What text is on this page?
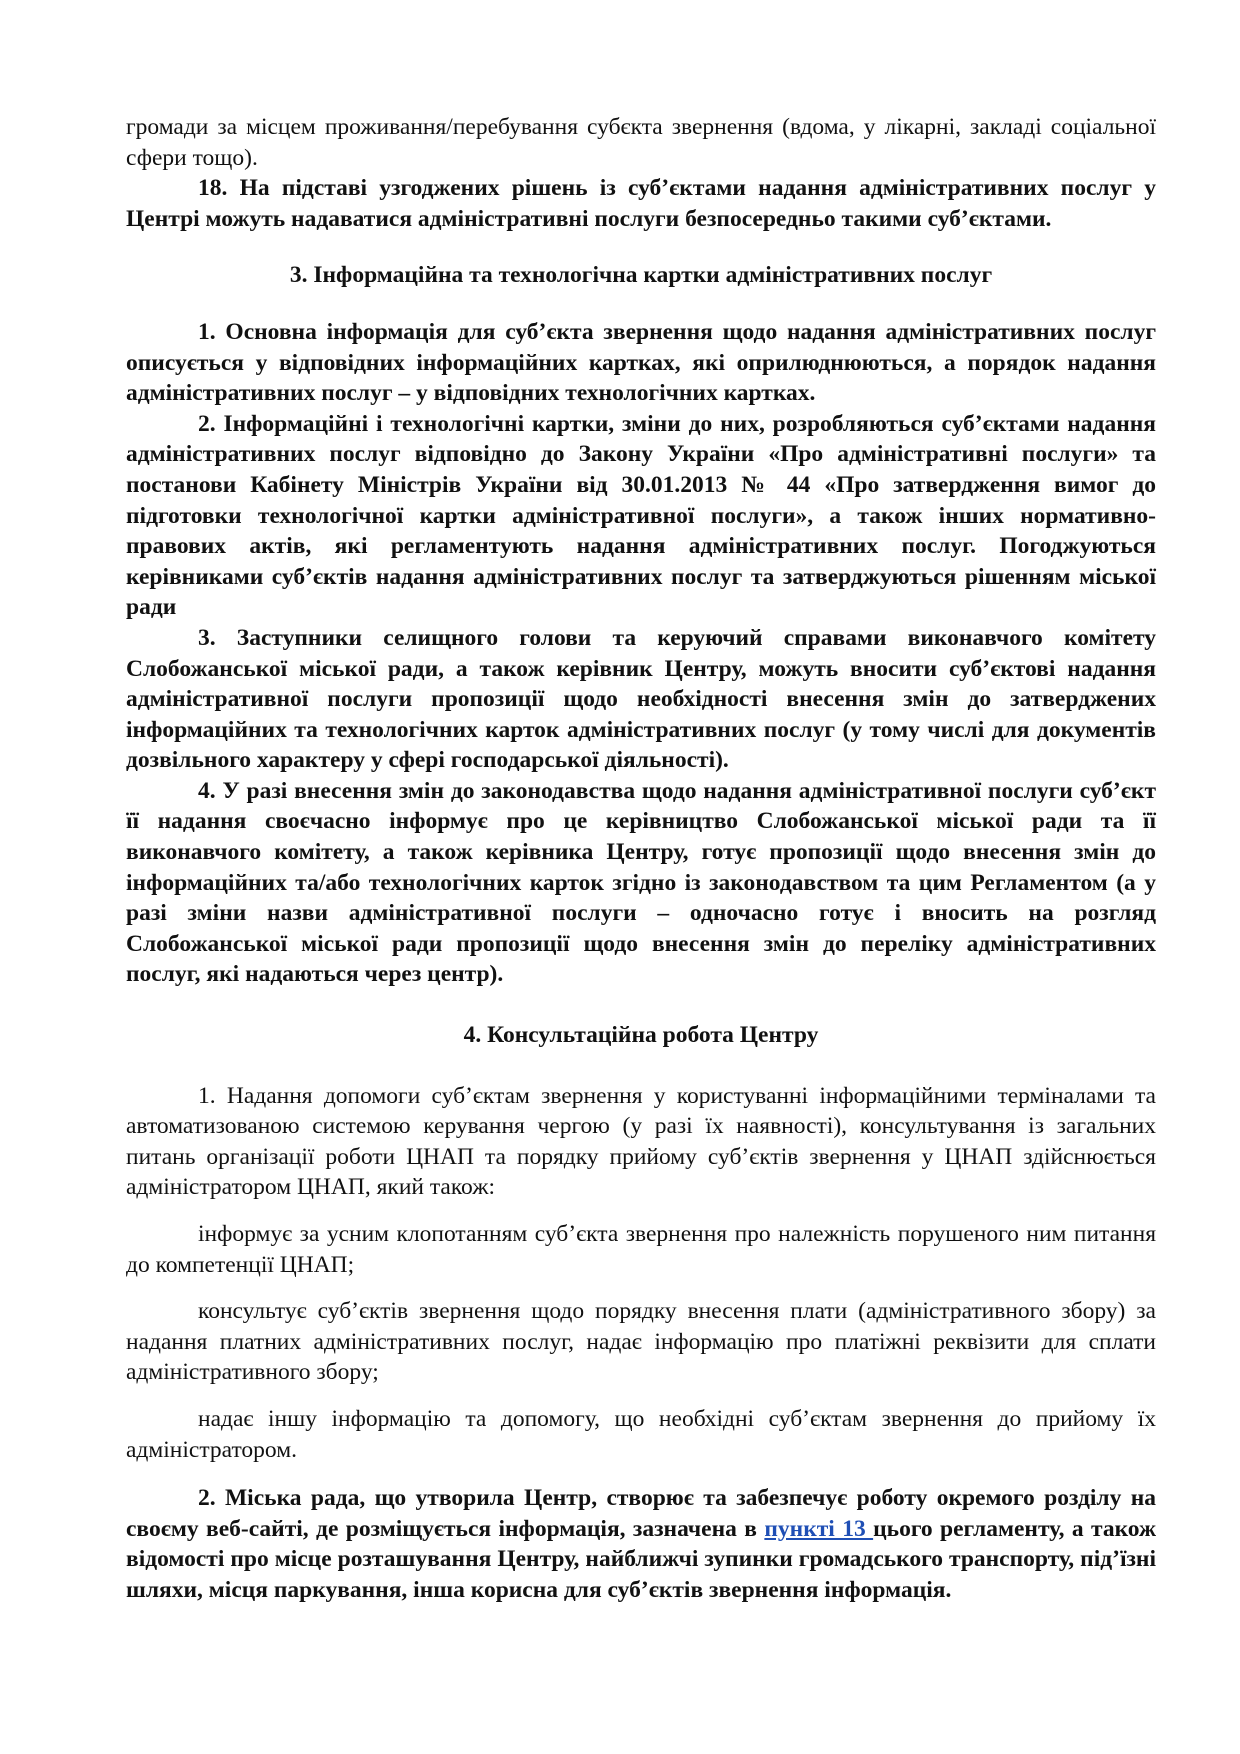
громади за місцем проживання/перебування субєкта звернення (вдома, у лікарні, закладі соціальної сфери тощо).

18. На підставі узгоджених рішень із суб’єктами надання адміністративних послуг у Центрі можуть надаватися адміністративні послуги безпосередньо такими суб’єктами.

3. Інформаційна та технологічна картки адміністративних послуг

1. Основна інформація для суб’єкта звернення щодо надання адміністративних послуг описується у відповідних інформаційних картках, які оприлюднюються, а порядок надання адміністративних послуг – у відповідних технологічних картках.

2. Інформаційні і технологічні картки, зміни до них, розробляються суб’єктами надання адміністративних послуг відповідно до Закону України «Про адміністративні послуги» та постанови Кабінету Міністрів України від 30.01.2013 № 44 «Про затвердження вимог до підготовки технологічної картки адміністративної послуги», а також інших нормативно-правових актів, які регламентують надання адміністративних послуг. Погоджуються керівниками суб’єктів надання адміністративних послуг та затверджуються рішенням міської ради

3. Заступники селищного голови та керуючий справами виконавчого комітету Слобожанської міської ради, а також керівник Центру, можуть вносити суб’єктові надання адміністративної послуги пропозиції щодо необхідності внесення змін до затверджених інформаційних та технологічних карток адміністративних послуг (у тому числі для документів дозвільного характеру у сфері господарської діяльності).

4. У разі внесення змін до законодавства щодо надання адміністративної послуги суб’єкт її надання своєчасно інформує про це керівництво Слобожанської міської ради та її виконавчого комітету, а також керівника Центру, готує пропозиції щодо внесення змін до інформаційних та/або технологічних карток згідно із законодавством та цим Регламентом (а у разі зміни назви адміністративної послуги – одночасно готує і вносить на розгляд Слобожанської міської ради пропозиції щодо внесення змін до переліку адміністративних послуг, які надаються через центр).

4. Консультаційна робота Центру

1. Надання допомоги суб’єктам звернення у користуванні інформаційними терміналами та автоматизованою системою керування чергою (у разі їх наявності), консультування із загальних питань організації роботи ЦНАП та порядку прийому суб’єктів звернення у ЦНАП здійснюється адміністратором ЦНАП, який також:

інформує за усним клопотанням суб’єкта звернення про належність порушеного ним питання до компетенції ЦНАП;

консультує суб’єктів звернення щодо порядку внесення плати (адміністративного збору) за надання платних адміністративних послуг, надає інформацію про платіжні реквізити для сплати адміністративного збору;

надає іншу інформацію та допомогу, що необхідні суб’єктам звернення до прийому їх адміністратором.

2. Міська рада, що утворила Центр, створює та забезпечує роботу окремого розділу на своєму веб-сайті, де розміщується інформація, зазначена в пункті 13 цього регламенту, а також відомості про місце розташування Центру, найближчі зупинки громадського транспорту, під’їзні шляхи, місця паркування, інша корисна для суб’єктів звернення інформація.
